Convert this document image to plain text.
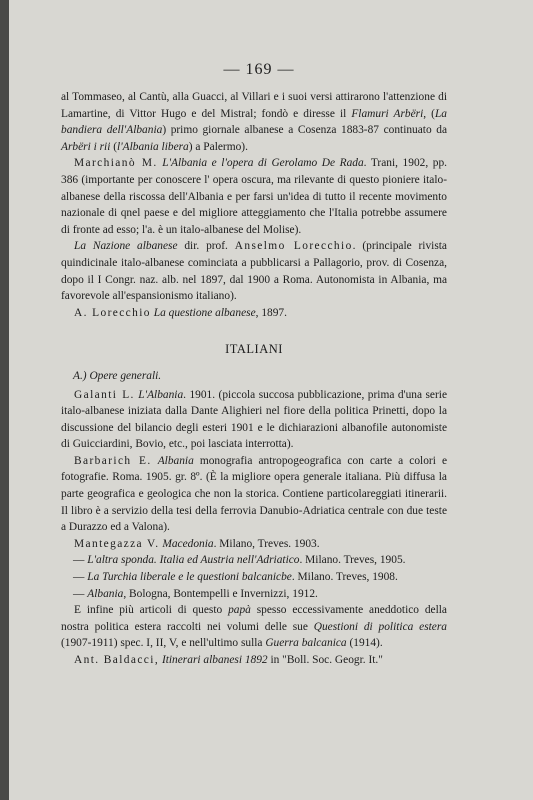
— 169 —

al Tommaseo, al Cantù, alla Guacci, al Villari e i suoi versi attirarono l'attenzione di Lamartine, di Vittor Hugo e del Mistral; fondò e diresse il Flamuri Arbëri, (La bandiera dell'Albania) primo giornale albanese a Cosenza 1883-87 continuato da Arbëri i rii (l'Albania libera) a Palermo).

Marchianò M. L'Albania e l'opera di Gerolamo De Rada. Trani, 1902, pp. 386 (importante per conoscere l' opera oscura, ma rilevante di questo pioniere italo-albanese della riscossa dell'Albania e per farsi un'idea di tutto il recente movimento nazionale di qnel paese e del migliore atteggiamento che l'Italia potrebbe assumere di fronte ad esso; l'a. è un italo-albanese del Molise).

La Nazione albanese dir. prof. Anselmo Lorecchio. (principale rivista quindicinale italo-albanese cominciata a pubblicarsi a Pallagorio, prov. di Cosenza, dopo il I Congr. naz. alb. nel 1897, dal 1900 a Roma. Autonomista in Albania, ma favorevole all'espansionismo italiano).

A. Lorecchio La questione albanese, 1897.

ITALIANI

A.) Opere generali.

Galanti L. L'Albania. 1901. (piccola succosa pubblicazione, prima d'una serie italo-albanese iniziata dalla Dante Alighieri nel fiore della politica Prinetti, dopo la discussione del bilancio degli esteri 1901 e le dichiarazioni albanofile autonomiste di Guicciardini, Bovio, etc., poi lasciata interrotta).

Barbarich E. Albania monografia antropogeografica con carte a colori e fotografie. Roma. 1905. gr. 8º. (È la migliore opera generale italiana. Più diffusa la parte geografica e geologica che non la storica. Contiene particolareggiati itinerarii. Il libro è a servizio della tesi della ferrovia Danubio-Adriatica centrale con due teste a Durazzo ed a Valona).

Mantegazza V. Macedonia. Milano, Treves. 1903.

— L'altra sponda. Italia ed Austria nell'Adriatico. Milano. Treves, 1905.

— La Turchia liberale e le questioni balcanicbe. Milano. Treves, 1908.

— Albania, Bologna, Bontempelli e Invernizzi, 1912.

E infine più articoli di questo papà spesso eccessivamente aneddotico della nostra politica estera raccolti nei volumi delle sue Questioni di politica estera (1907-1911) spec. I, II, V, e nell'ultimo sulla Guerra balcanica (1914).

Ant. Baldacci, Itinerari albanesi 1892 in "Boll. Soc. Geogr. It."
